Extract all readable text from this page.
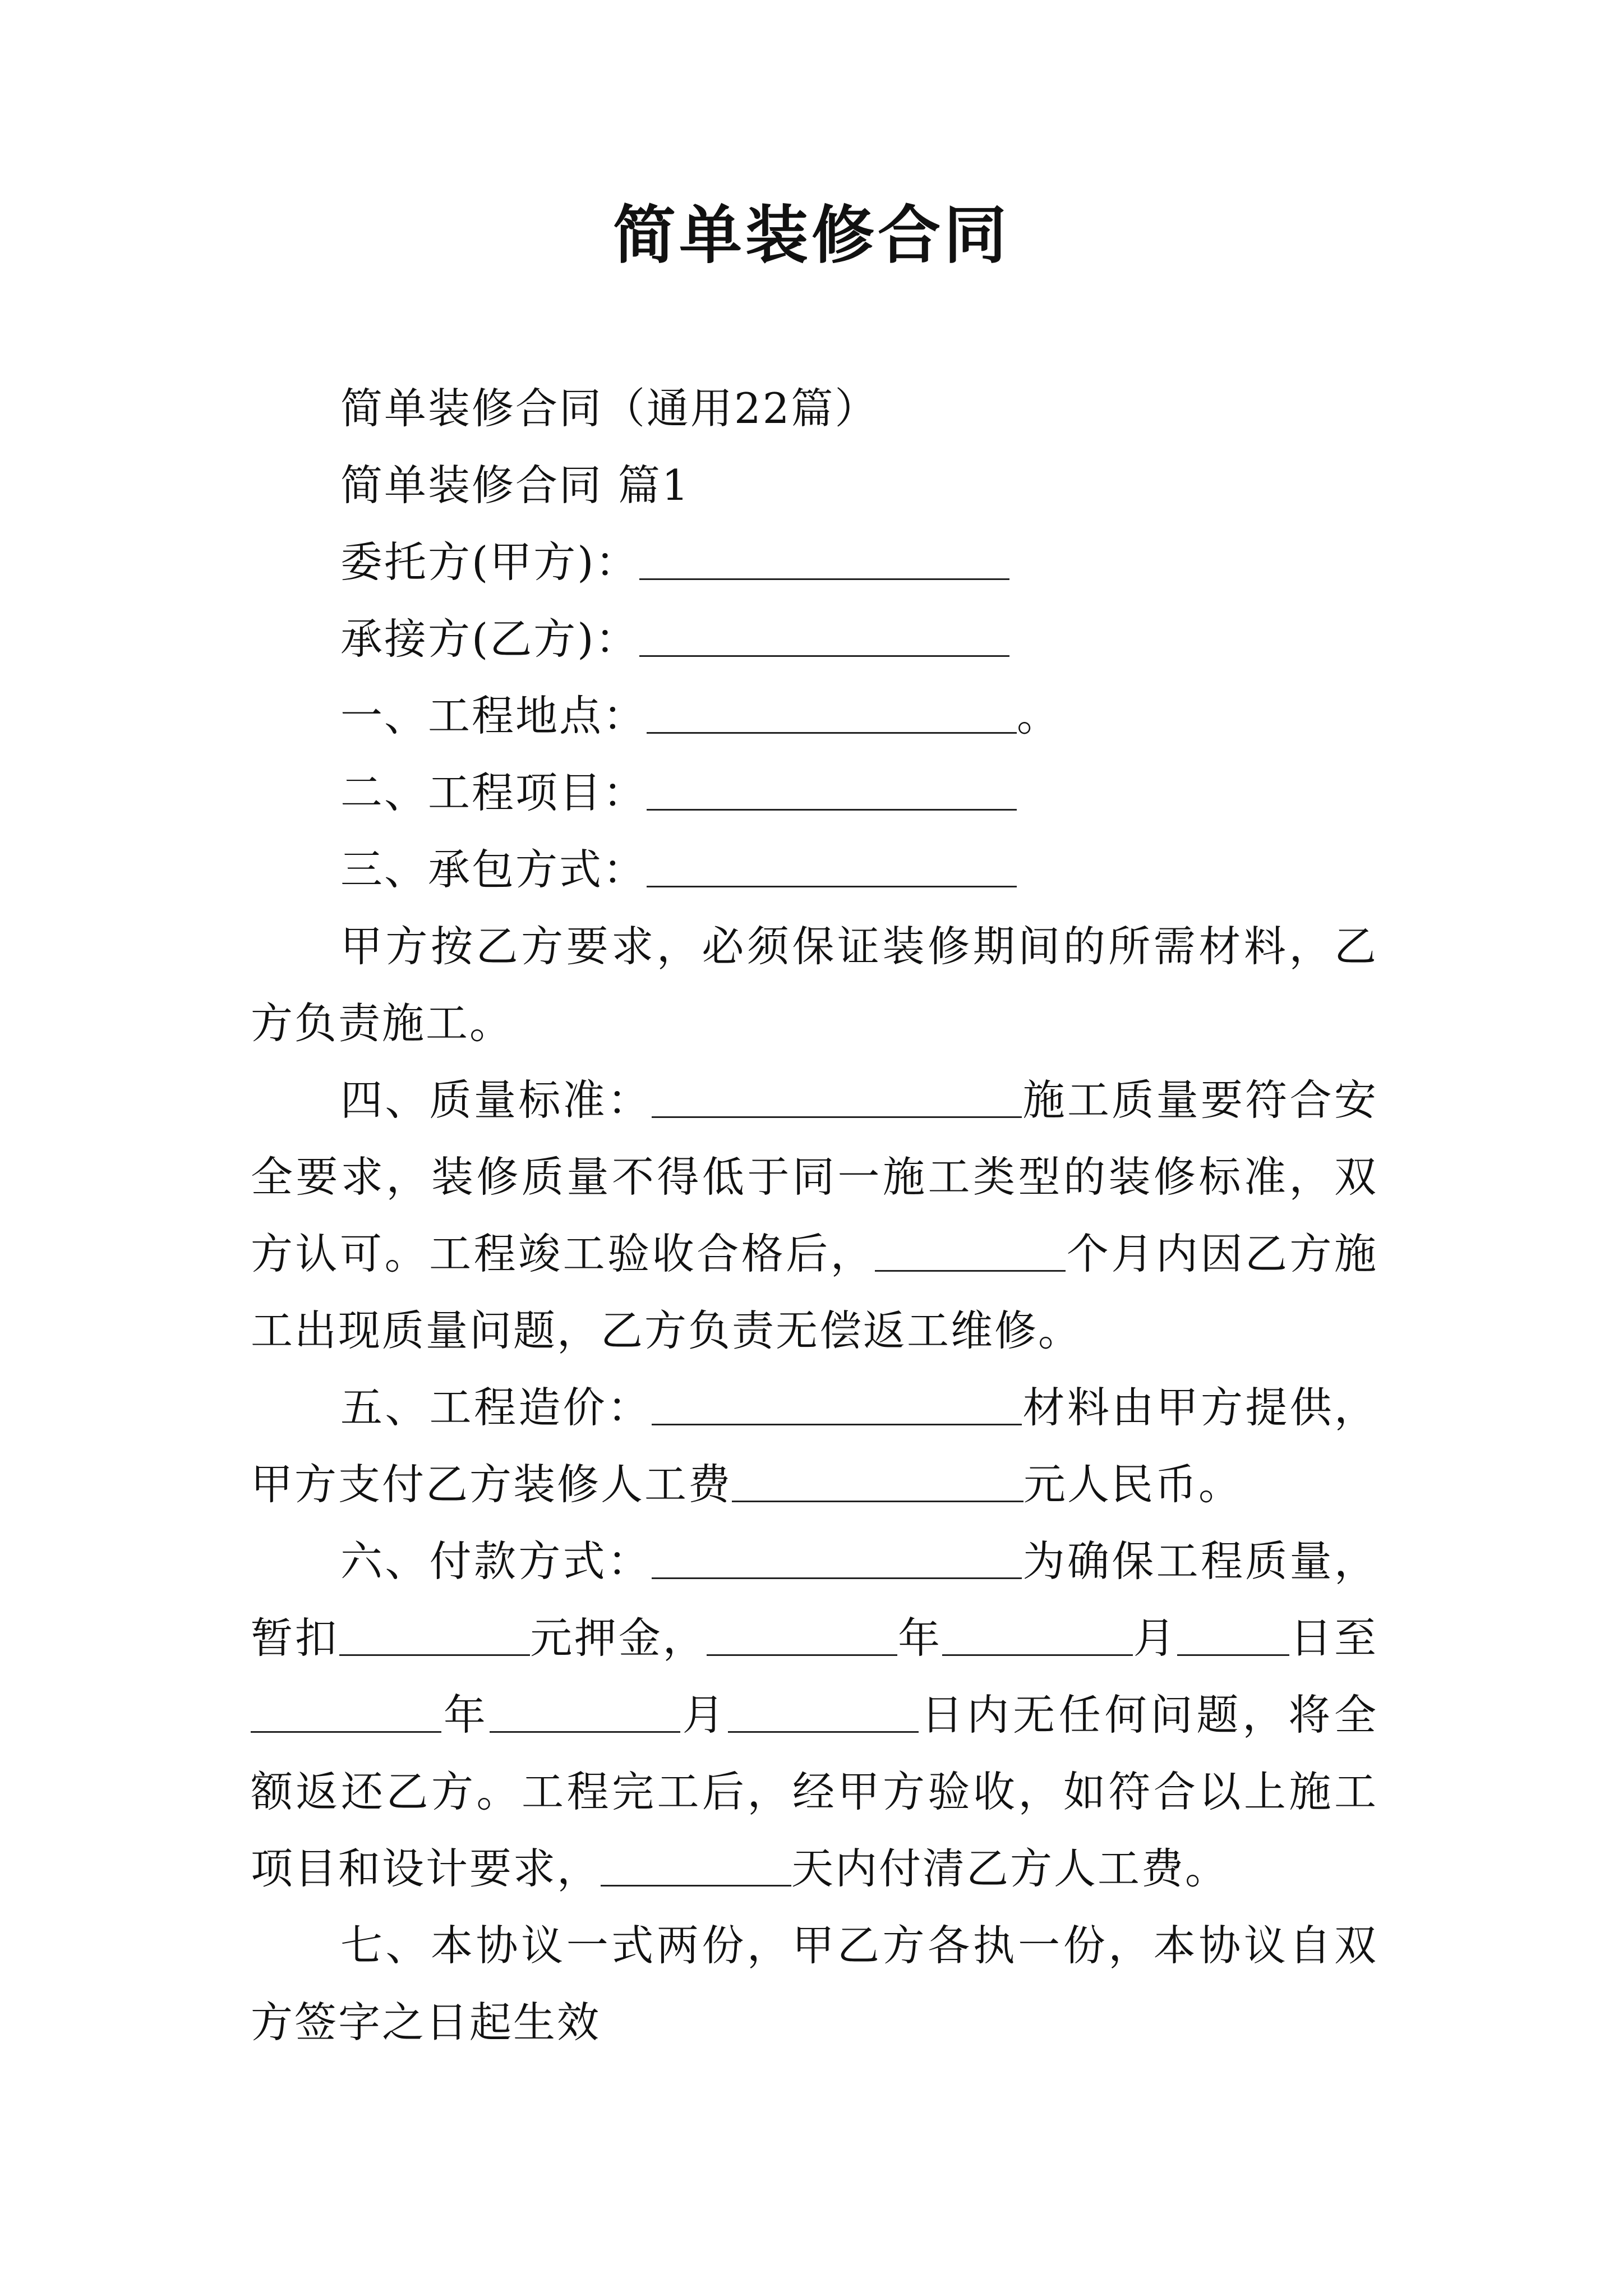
简单装修合同
简单装修合同（通用22篇）
简单装修合同 篇1
委托方(甲方)：
承接方(乙方)：
一、工程地点：	。
二、工程项目：
三、承包方式：
甲方按乙方要求，必须保证装修期间的所需材料，乙方负责施工。
四、质量标准：	施工质量要符合安全要求，装修质量不得低于同一施工类型的装修标准，双方认可。工程竣工验收合格后，	个月内因乙方施工出现质量问题，乙方负责无偿返工维修。
五、工程造价：	材料由甲方提供，甲方支付乙方装修人工费	元人民币。
六、付款方式：	为确保工程质量，暂扣	元押金，	年	月	日至年	月	日内无任何问题，将全额返还乙方。工程完工后，经甲方验收，如符合以上施工项目和设计要求，	天内付清乙方人工费。
七、本协议一式两份，甲乙方各执一份，本协议自双方签字之日起生效
